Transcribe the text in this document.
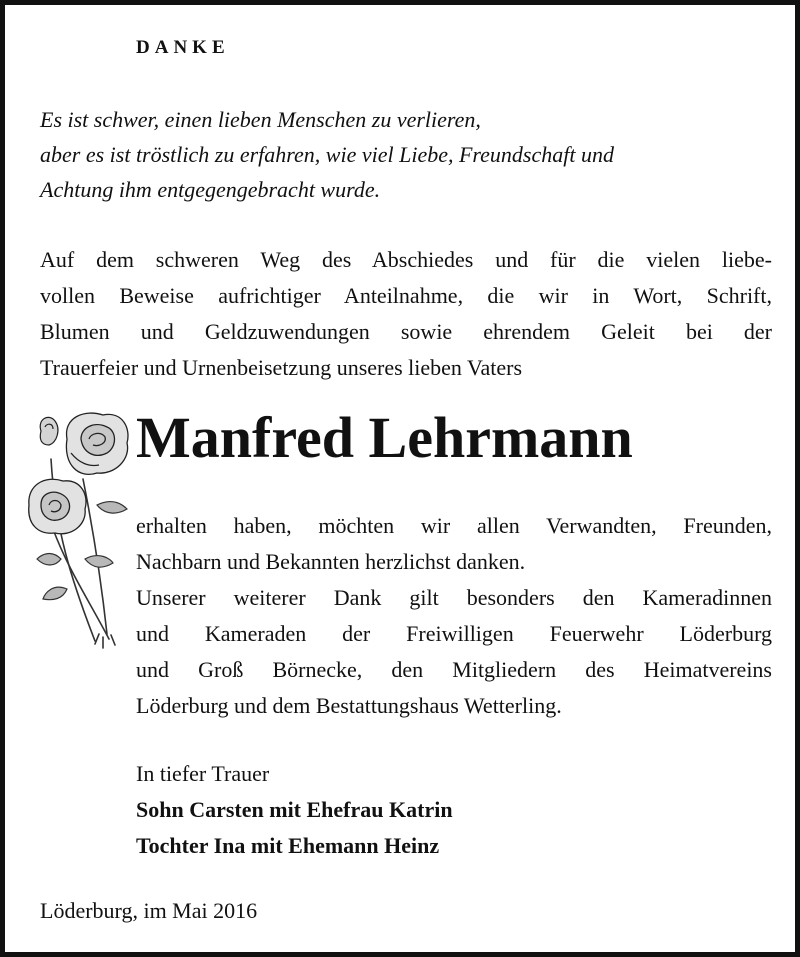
DANKE
Es ist schwer, einen lieben Menschen zu verlieren,
aber es ist tröstlich zu erfahren, wie viel Liebe, Freundschaft und
Achtung ihm entgegengebracht wurde.
Auf dem schweren Weg des Abschiedes und für die vielen liebe-
vollen Beweise aufrichtiger Anteilnahme, die wir in Wort, Schrift,
Blumen und Geldzuwendungen sowie ehrendem Geleit bei der
Trauerfeier und Urnenbeisetzung unseres lieben Vaters
Manfred Lehrmann
erhalten haben, möchten wir allen Verwandten, Freunden,
Nachbarn und Bekannten herzlichst danken.
Unserer weiterer Dank gilt besonders den Kameradinnen
und Kameraden der Freiwilligen Feuerwehr Löderburg
und Groß Börnecke, den Mitgliedern des Heimatvereins
Löderburg und dem Bestattungshaus Wetterling.
In tiefer Trauer
Sohn Carsten mit Ehefrau Katrin
Tochter Ina mit Ehemann Heinz
Löderburg, im Mai 2016
